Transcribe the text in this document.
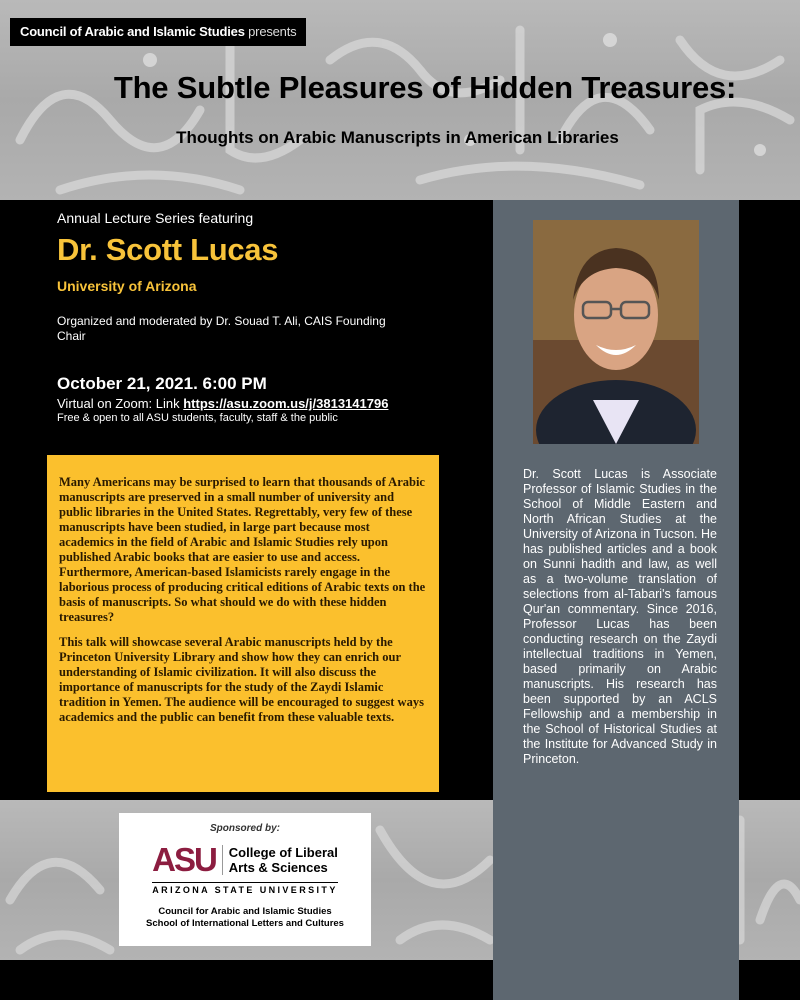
Council of Arabic and Islamic Studies presents
The Subtle Pleasures of Hidden Treasures:
Thoughts on Arabic Manuscripts in American Libraries
Annual Lecture Series featuring
Dr. Scott Lucas
University of Arizona
Organized and moderated by Dr. Souad T. Ali, CAIS Founding Chair
October 21, 2021. 6:00 PM
Virtual on Zoom: Link https://asu.zoom.us/j/3813141796
Free & open to all ASU students, faculty, staff & the public

Many Americans may be surprised to learn that thousands of Arabic manuscripts are preserved in a small number of university and public libraries in the United States. Regrettably, very few of these manuscripts have been studied, in large part because most academics in the field of Arabic and Islamic Studies rely upon published Arabic books that are easier to use and access. Furthermore, American-based Islamicists rarely engage in the laborious process of producing critical editions of Arabic texts on the basis of manuscripts. So what should we do with these hidden treasures?

This talk will showcase several Arabic manuscripts held by the Princeton University Library and show how they can enrich our understanding of Islamic civilization. It will also discuss the importance of manuscripts for the study of the Zaydi Islamic tradition in Yemen. The audience will be encouraged to suggest ways academics and the public can benefit from these valuable texts.

Dr. Scott Lucas is Associate Professor of Islamic Studies in the School of Middle Eastern and North African Studies at the University of Arizona in Tucson. He has published articles and a book on Sunni hadith and law, as well as a two-volume translation of selections from al-Tabari's famous Qur'an commentary. Since 2016, Professor Lucas has been conducting research on the Zaydi intellectual traditions in Yemen, based primarily on Arabic manuscripts. His research has been supported by an ACLS Fellowship and a membership in the School of Historical Studies at the Institute for Advanced Study in Princeton.
Sponsored by:
ASU College of Liberal
Arts & Sciences
ARIZONA STATE UNIVERSITY
Council for Arabic and Islamic Studies
School of International Letters and Cultures
